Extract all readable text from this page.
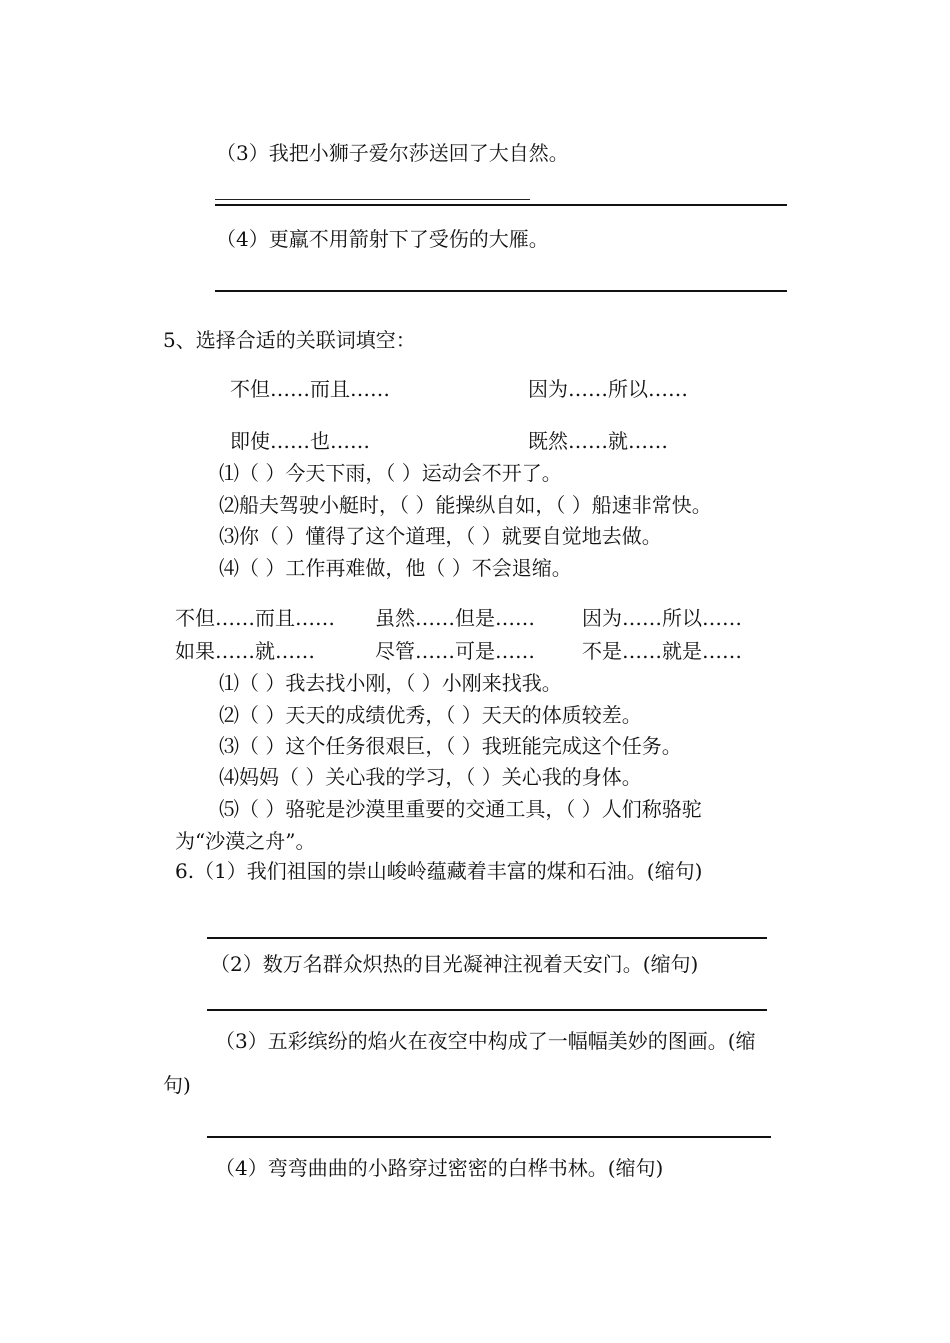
（3）我把小狮子爱尔莎送回了大自然。
（4）更羸不用箭射下了受伤的大雁。
5、选择合适的关联词填空：
不但……而且……	因为……所以……
即使……也……	既然……就……
⑴（ ）今天下雨，（ ）运动会不开了。
⑵船夫驾驶小艇时，（ ）能操纵自如，（ ）船速非常快。
⑶你（ ）懂得了这个道理，（ ）就要自觉地去做。
⑷（ ）工作再难做，他（ ）不会退缩。
不但……而且…… 虽然……但是…… 因为……所以……
如果……就……	尽管……可是…… 不是……就是……
⑴（ ）我去找小刚，（ ）小刚来找我。
⑵（ ）天天的成绩优秀，（ ）天天的体质较差。
⑶（ ）这个任务很艰巨，（ ）我班能完成这个任务。
⑷妈妈（ ）关心我的学习，（ ）关心我的身体。
⑸（ ）骆驼是沙漠里重要的交通工具，（ ）人们称骆驼
为“沙漠之舟”。
6.（1）我们祖国的崇山峻岭蕴藏着丰富的煤和石油。(缩句)
（2）数万名群众炽热的目光凝神注视着天安门。(缩句)
（3）五彩缤纷的焰火在夜空中构成了一幅幅美妙的图画。(缩
句)
（4）弯弯曲曲的小路穿过密密的白桦书林。(缩句)
